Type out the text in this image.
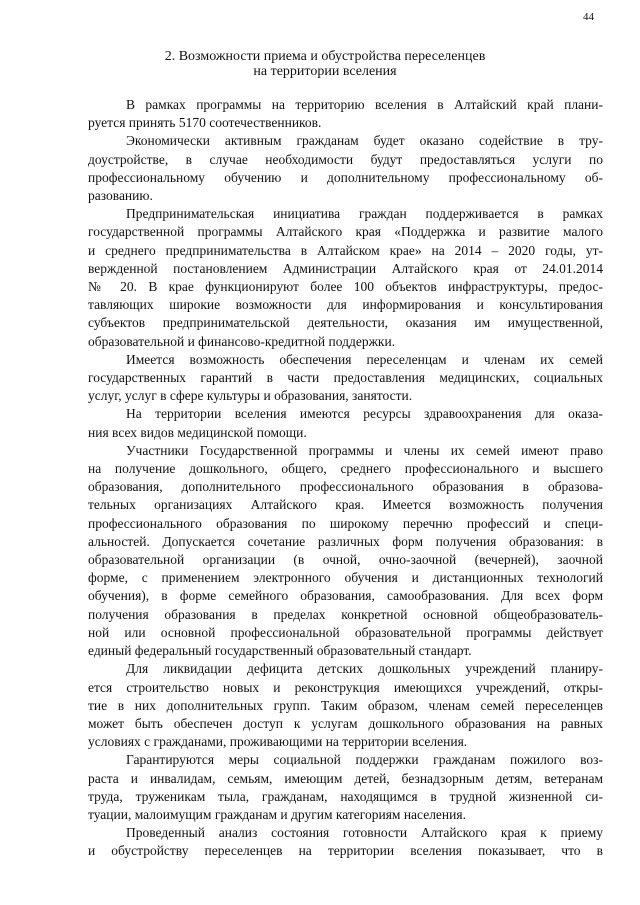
44
2. Возможности приема и обустройства переселенцев
на территории вселения
В рамках программы на территорию вселения в Алтайский край плани-
руется принять 5170 соотечественников.
Экономически активным гражданам будет оказано содействие в тру-
доустройстве, в случае необходимости будут предоставляться услуги по
профессиональному обучению и дополнительному профессиональному об-
разованию.
Предпринимательская инициатива граждан поддерживается в рамках
государственной программы Алтайского края «Поддержка и развитие малого
и среднего предпринимательства в Алтайском крае» на 2014 – 2020 годы, ут-
вержденной постановлением Администрации Алтайского края от 24.01.2014
№ 20. В крае функционируют более 100 объектов инфраструктуры, предос-
тавляющих широкие возможности для информирования и консультирования
субъектов предпринимательской деятельности, оказания им имущественной,
образовательной и финансово-кредитной поддержки.
Имеется возможность обеспечения переселенцам и членам их семей
государственных гарантий в части предоставления медицинских, социальных
услуг, услуг в сфере культуры и образования, занятости.
На территории вселения имеются ресурсы здравоохранения для оказа-
ния всех видов медицинской помощи.
Участники Государственной программы и члены их семей имеют право
на получение дошкольного, общего, среднего профессионального и высшего
образования, дополнительного профессионального образования в образова-
тельных организациях Алтайского края. Имеется возможность получения
профессионального образования по широкому перечню профессий и специ-
альностей. Допускается сочетание различных форм получения образования: в
образовательной организации (в очной, очно-заочной (вечерней), заочной
форме, с применением электронного обучения и дистанционных технологий
обучения), в форме семейного образования, самообразования. Для всех форм
получения образования в пределах конкретной основной общеобразователь-
ной или основной профессиональной образовательной программы действует
единый федеральный государственный образовательный стандарт.
Для ликвидации дефицита детских дошкольных учреждений планиру-
ется строительство новых и реконструкция имеющихся учреждений, откры-
тие в них дополнительных групп. Таким образом, членам семей переселенцев
может быть обеспечен доступ к услугам дошкольного образования на равных
условиях с гражданами, проживающими на территории вселения.
Гарантируются меры социальной поддержки гражданам пожилого воз-
раста и инвалидам, семьям, имеющим детей, безнадзорным детям, ветеранам
труда, труженикам тыла, гражданам, находящимся в трудной жизненной си-
туации, малоимущим гражданам и другим категориям населения.
Проведенный анализ состояния готовности Алтайского края к приему
и обустройству переселенцев на территории вселения показывает, что в
